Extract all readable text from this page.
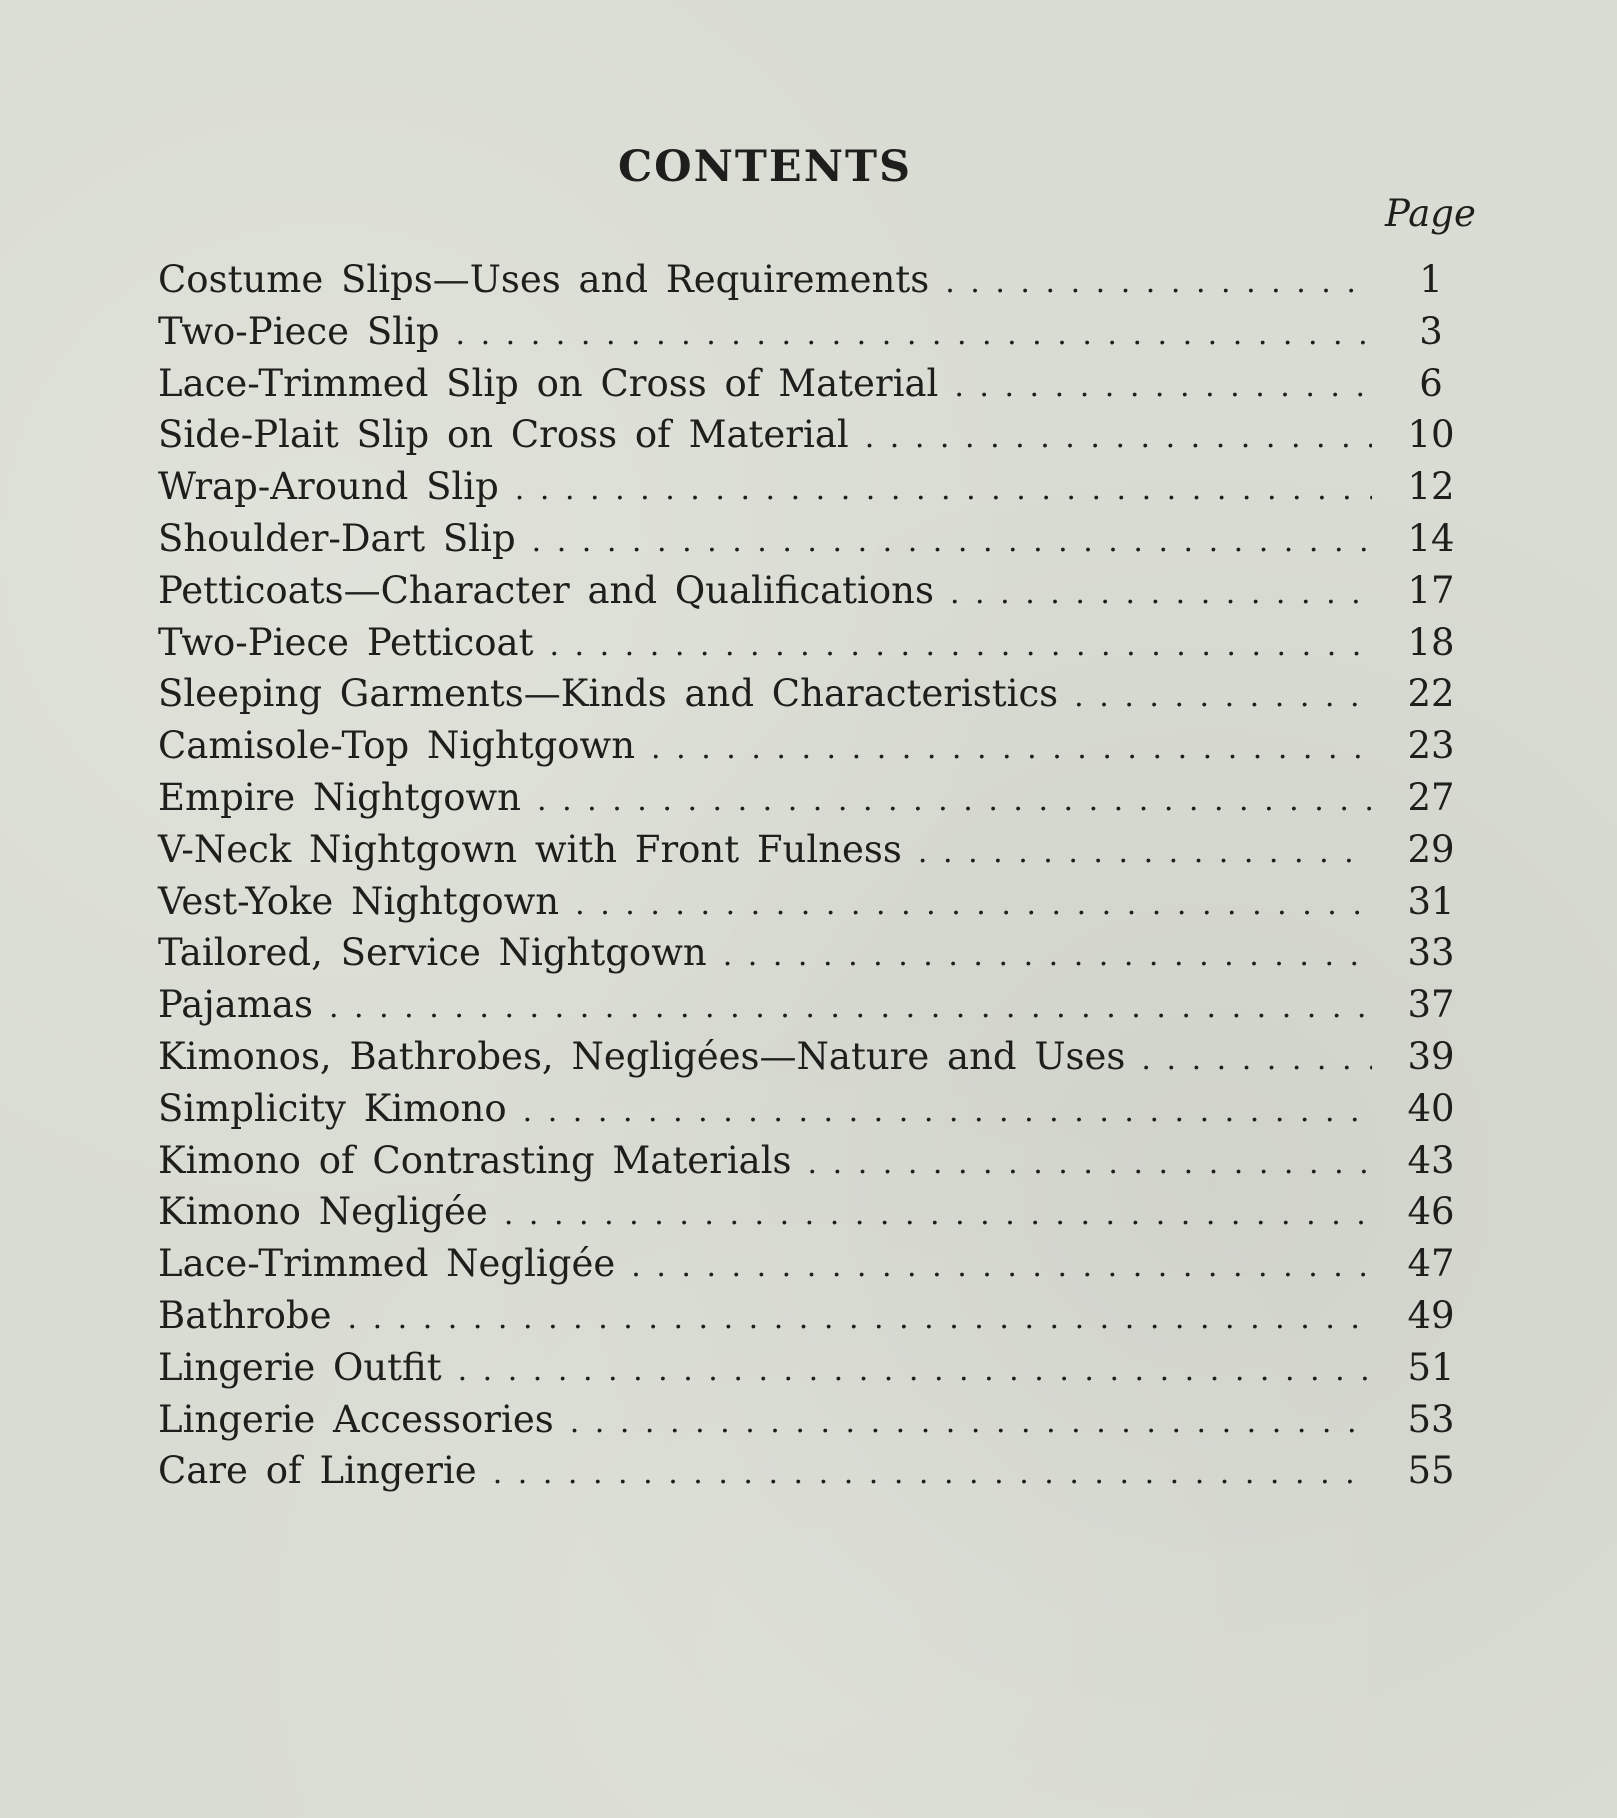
CONTENTS
Page
Costume Slips—Uses and Requirements . . .	1
Two-Piece Slip . . .	3
Lace-Trimmed Slip on Cross of Material . . .	6
Side-Plait Slip on Cross of Material . . .	10
Wrap-Around Slip . . .	12
Shoulder-Dart Slip . . .	14
Petticoats—Character and Qualifications . . .	17
Two-Piece Petticoat . . .	18
Sleeping Garments—Kinds and Characteristics . . .	22
Camisole-Top Nightgown . . .	23
Empire Nightgown . . .	27
V-Neck Nightgown with Front Fulness . . .	29
Vest-Yoke Nightgown . . .	31
Tailored, Service Nightgown . . .	33
Pajamas . . .	37
Kimonos, Bathrobes, Negligées—Nature and Uses . . .	39
Simplicity Kimono . . .	40
Kimono of Contrasting Materials . . .	43
Kimono Negligée . . .	46
Lace-Trimmed Negligée . . .	47
Bathrobe . . .	49
Lingerie Outfit . . .	51
Lingerie Accessories . . .	53
Care of Lingerie . . .	55
